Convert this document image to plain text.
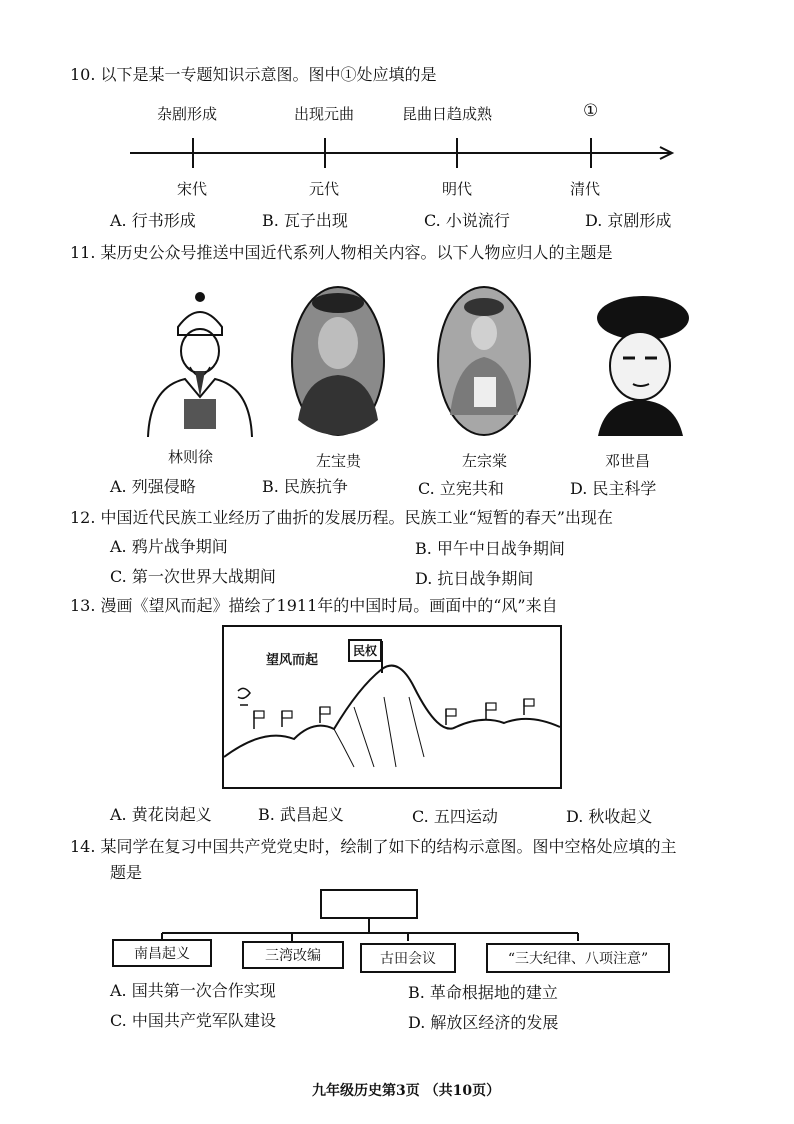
10. 以下是某一专题知识示意图。图中①处应填的是
杂剧形成	出现元曲	昆曲日趋成熟	①
宋代	元代	明代	清代
A. 行书形成	B. 瓦子出现	C. 小说流行	D. 京剧形成
11. 某历史公众号推送中国近代系列人物相关内容。以下人物应归人的主题是
林则徐	左宝贵	左宗棠	邓世昌
A. 列强侵略	B. 民族抗争	C. 立宪共和	D. 民主科学
12. 中国近代民族工业经历了曲折的发展历程。民族工业“短暂的春天”出现在
A. 鸦片战争期间	B. 甲午中日战争期间
C. 第一次世界大战期间	D. 抗日战争期间
13. 漫画《望风而起》描绘了1911年的中国时局。画面中的“风”来自
望风而起
民权
A. 黄花岗起义	B. 武昌起义	C. 五四运动	D. 秋收起义
14. 某同学在复习中国共产党党史时，绘制了如下的结构示意图。图中空格处应填的主
题是
南昌起义	三湾改编	古田会议	“三大纪律、八项注意”
A. 国共第一次合作实现	B. 革命根据地的建立
C. 中国共产党军队建设	D. 解放区经济的发展
九年级历史第3页 （共10页）
